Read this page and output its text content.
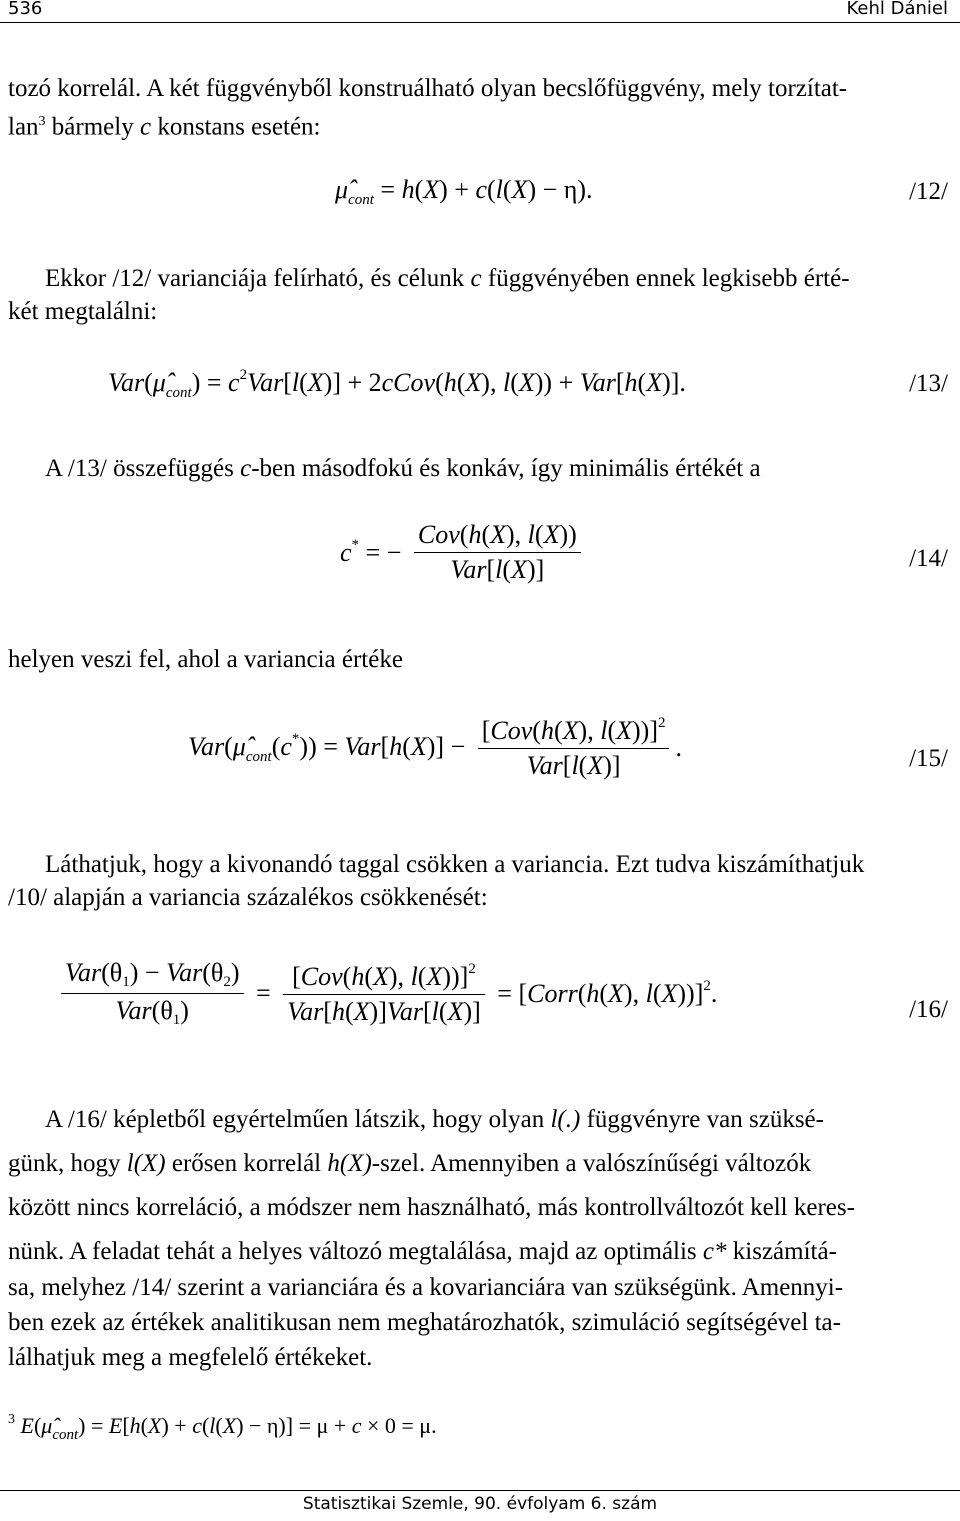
536	Kehl Dániel
tozó korrelál. A két függvényből konstruálható olyan becslőfüggvény, mely torzítat-
lan$^3$ bármely c konstans esetén:
$\mû_{cont} = h(X) + c(l(X) - \eta)$.	/12/
Ekkor /12/ varianciája felírható, és célunk c függvényében ennek legkisebb érté-
két megtalálni:
$Var(\mû_{cont}) = c^2Var[l(X)]$ + 2cCov(h(X), l(X)) + Var[h(X)].	/13/
A /13/ összefüggés c-ben másodfokú és konkáv, így minimális értékét a
c* = − $\frac{\text{Cov(h(X), l(X))}}{\text{Var[l(X)]}}$	/14/
helyen veszi fel, ahol a variancia értéke
$Var(\mû_{cont}(c^*)) = Var[h(X)] - \frac{[Cov(h(X), l(X))]^2}{\text{Var[l(X)]}}$ .	/15/
Láthatjuk, hogy a kivonandó taggal csökken a variancia. Ezt tudva kiszámíthatjuk
/10/ alapján a variancia százalékos csökkenését:
$\frac{\text{Var(θ1) − Var(θ2)}}{\text{Var(θ1)}} = \frac{[Cov(h(X), l(X))]^2}{\text{Var[h(X)]Var[l(X)]}}$ = [Corr(h(X), l(X))]$^2$.
/16/
A /16/ képletből egyértelműen látszik, hogy olyan l(.) függvényre van szüksé-
günk, hogy l(X) erősen korrelál h(X)-szel. Amennyiben a valószínűségi változók
között nincs korreláció, a módszer nem használható, más kontrollváltozót kell keres-
nünk. A feladat tehát a helyes változó megtalálása, majd az optimális c* kiszámítá-
sa, melyhez /14/ szerint a varianciára és a kovarianciára van szükségünk. Amennyi-
ben ezek az értékek analitikusan nem meghatározhatók, szimuláció segítségével ta-
lálhatjuk meg a megfelelő értékeket.
$^3$ $E(\mû_{cont}) = E[h(X) + c(l(X) - \eta)] = \mu + c \times 0 = \mu$.
Statisztikai Szemle, 90. évfolyam 6. szám
